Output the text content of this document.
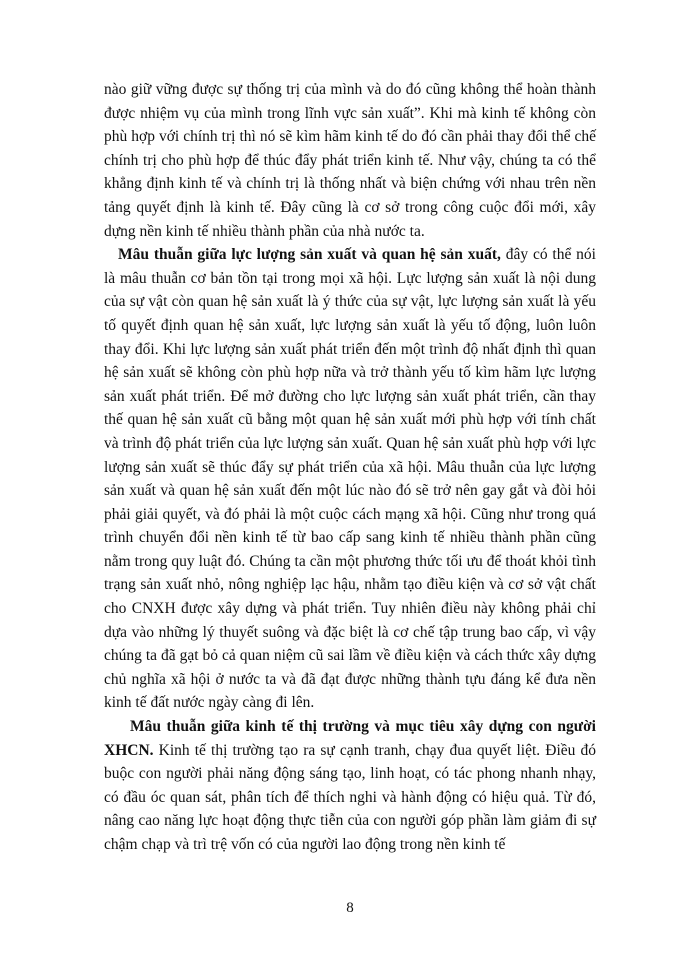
nào giữ vững được sự thống trị của mình và do đó cũng không thể hoàn thành được nhiệm vụ của mình trong lĩnh vực sản xuất”. Khi mà kinh tế không còn phù hợp với chính trị thì nó sẽ kìm hãm kinh tế do đó cần phải thay đổi thể chế chính trị cho phù hợp để thúc đẩy phát triển kinh tế. Như vậy, chúng ta có thể khẳng định kinh tế và chính trị là thống nhất và biện chứng với nhau trên nền tảng quyết định là kinh tế. Đây cũng là cơ sở trong công cuộc đổi mới, xây dựng nền kinh tế nhiều thành phần của nhà nước ta.

Mâu thuẫn giữa lực lượng sản xuất và quan hệ sản xuất, đây có thể nói là mâu thuẫn cơ bản tồn tại trong mọi xã hội. Lực lượng sản xuất là nội dung của sự vật còn quan hệ sản xuất là ý thức của sự vật, lực lượng sản xuất là yếu tố quyết định quan hệ sản xuất, lực lượng sản xuất là yếu tố động, luôn luôn thay đổi. Khi lực lượng sản xuất phát triển đến một trình độ nhất định thì quan hệ sản xuất sẽ không còn phù hợp nữa và trở thành yếu tố kìm hãm lực lượng sản xuất phát triển. Để mở đường cho lực lượng sản xuất phát triển, cần thay thế quan hệ sản xuất cũ bằng một quan hệ sản xuất mới phù hợp với tính chất và trình độ phát triển của lực lượng sản xuất. Quan hệ sản xuất phù hợp với lực lượng sản xuất sẽ thúc đẩy sự phát triển của xã hội. Mâu thuẫn của lực lượng sản xuất và quan hệ sản xuất đến một lúc nào đó sẽ trở nên gay gắt và đòi hỏi phải giải quyết, và đó phải là một cuộc cách mạng xã hội. Cũng như trong quá trình chuyển đổi nền kinh tế từ bao cấp sang kinh tế nhiều thành phần cũng nằm trong quy luật đó. Chúng ta cần một phương thức tối ưu để thoát khỏi tình trạng sản xuất nhỏ, nông nghiệp lạc hậu, nhằm tạo điều kiện và cơ sở vật chất cho CNXH được xây dựng và phát triển. Tuy nhiên điều này không phải chỉ dựa vào những lý thuyết suông và đặc biệt là cơ chế tập trung bao cấp, vì vậy chúng ta đã gạt bỏ cả quan niệm cũ sai lầm về điều kiện và cách thức xây dựng chủ nghĩa xã hội ở nước ta và đã đạt được những thành tựu đáng kể đưa nền kinh tế đất nước ngày càng đi lên.

Mâu thuẫn giữa kinh tế thị trường và mục tiêu xây dựng con người XHCN. Kinh tế thị trường tạo ra sự cạnh tranh, chạy đua quyết liệt. Điều đó buộc con người phải năng động sáng tạo, linh hoạt, có tác phong nhanh nhạy, có đầu óc quan sát, phân tích để thích nghi và hành động có hiệu quả. Từ đó, nâng cao năng lực hoạt động thực tiễn của con người góp phần làm giảm đi sự chậm chạp và trì trệ vốn có của người lao động trong nền kinh tế

8
